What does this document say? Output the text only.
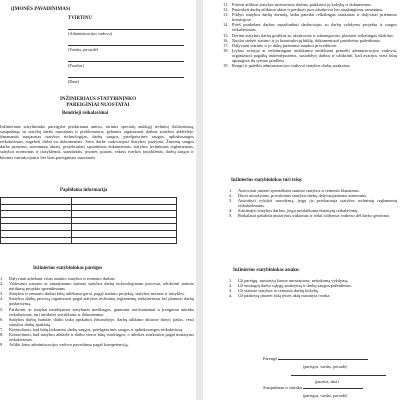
(ĮMONĖS PAVADINIMAS)
TVIRTINU
(Administracijos vadovo)
(Vardas, pavardė)
(Parašas)
(Data)
INŽINIERIAUS STATYBININKO
PAREIGINIAI NUOSTATAI
Bendrieji reikalavimai
Inžinieriaus statybininko pareigybė priskiriama antros, turintis specialų aukštąjį techninį išsilavinimą, susipažinęs su statybų darbo nuostatais ir problemomis, gebantis organizuoti darbus statybos aikštelėje, išmanantis naujausias statybos technologijas, darbų saugos, priešgaisrinės saugos, aplinkosaugos reikalavimus, sugebėti dirbti su dokumentais. Savo darbe vadovaujasi Statybos įstatymu, Žmonių saugos darbe įstatymu, norminiais aktais, projektiniais sąmatiniais dokumentais, statybos techniniais reglamentais, statybos normomis ir taisyklėmis, standartais, įmonės įstatais, vidaus tvarkos taisyklėmis, darbų saugos ir kitomis instrukcijomis bei šiais pareiginiais nuostatais.
Papildoma informacija

Inžinierius statybininkas pareigos
1. Dalyvauti atliekant visus statinio statybos ir remonto darbus.
2. Vadovauti statomo ar atnaujinamo statinio statybos darbų technologiniam procesui, užtikrinti statinio atitikimą projekto sprendiniams.
3. Statybos ir remonto darbai būtų atliekami gerai, pagal statinio projektą, statybos normas ir taisykles.
4. Statybos darbų procesą organizuoti pagal statybos techninių reglamentų reikalavimus bei planuoti darbų paskirstymą.
5. Patikrinti, ar statybai naudojamos statybinės medžiagos, gaminiai, mechanizmai ir įrenginiai atitinka reikalavimus, turi atitikties sertifikatus ir dokumentus.
6. Statybos darbų žurnale, darbo laiko apskaitos žiniaraštyje, darbų atlikimo aktuose daryti įrašus, vesti statybos darbų apskaitą.
7. Kontroliuoti, kad būtų laikomasi darbų saugos, priešgaisrinės saugos ir aplinkosaugos reikalavimų.
8. Kontroliuoti, kad statybos aikštelė ir darbo vietos būtų tvarkingos, o atliekos tvarkomos pagal nustatytus reikalavimus.
9. Atlikti kitus administracijos vadovo pavedimus pagal kompetenciją.
11. Priimti atliktus statybos montavimo darbus, patikrinti jų kokybę ir dokumentus.
12. Pasirašyti darbų atlikimo aktus ir perduoti juos užsakovui bei atsakingiems asmenims.
13. Pildyti statybos darbų žurnalą, laiku pateikti reikalingas ataskaitas ir dalyvauti priėmimo komisijose.
14. Prieš pradedant darbus supažindinti darbuotojus su darbų vykdymo projektu ir saugos reikalavimais.
15. Derinti statybos darbų grafikus su užsakovais ir subrangovais, planuoti reikalingus išteklius.
16. Nuolat stebėti statinio ir jo konstrukcijų būklę, dokumentuoti pastebėtus pažeidimus.
17. Dalyvauti statinio ir jo dalių priėmimo naudoti procedūrose.
18. Įvykus avarijai ar nelaimingam atsitikimui nedelsiant pranešti administracijos vadovui, organizuoti pagalbą nukentėjusiems, sustabdyti darbus ir užtikrinti, kad avarijos vieta būtų apsaugota iki tyrimo pradžios.
19. Rengti ir pateikti administracijos vadovui statybos darbų ataskaitas.
Inžinierius statybininkas turi teisę:
1. Atstovauti įmonei sprendžiant statinio statybos ir remonto klausimus.
2. Duoti nurodymus, privalomus statybos darbų dalyvaujantiems asmenims.
3. Atsisakyti vykdyti nurodymą, jeigu jis prieštarauja statybos techninių reglamentų reikalavimams.
4. Sustabdyti statybos darbus, jeigu nesilaikoma nustatytų reikalavimų.
5. Reikalauti pašalinti nustatytus trūkumus ir teikti siūlymus vadovui dėl darbo gerinimo.
Inžinierius statybininkas atsako:
1. Už pareigų, nustatytų šiuose nuostatuose, netinkamą vykdymą.
2. Už nesaugių darbo sąlygų sudarymą ir darbų saugos pažeidimus.
3. Už statinio statybos ar remonto darbų kokybę.
4. Už padarytą įmonei žalą teisės aktų nustatyta tvarka.
Parengė
(pareigos, vardas, pavardė)
(parašas, data)
Susipažinau ir sutinku
(pareigos, vardas, pavardė)
